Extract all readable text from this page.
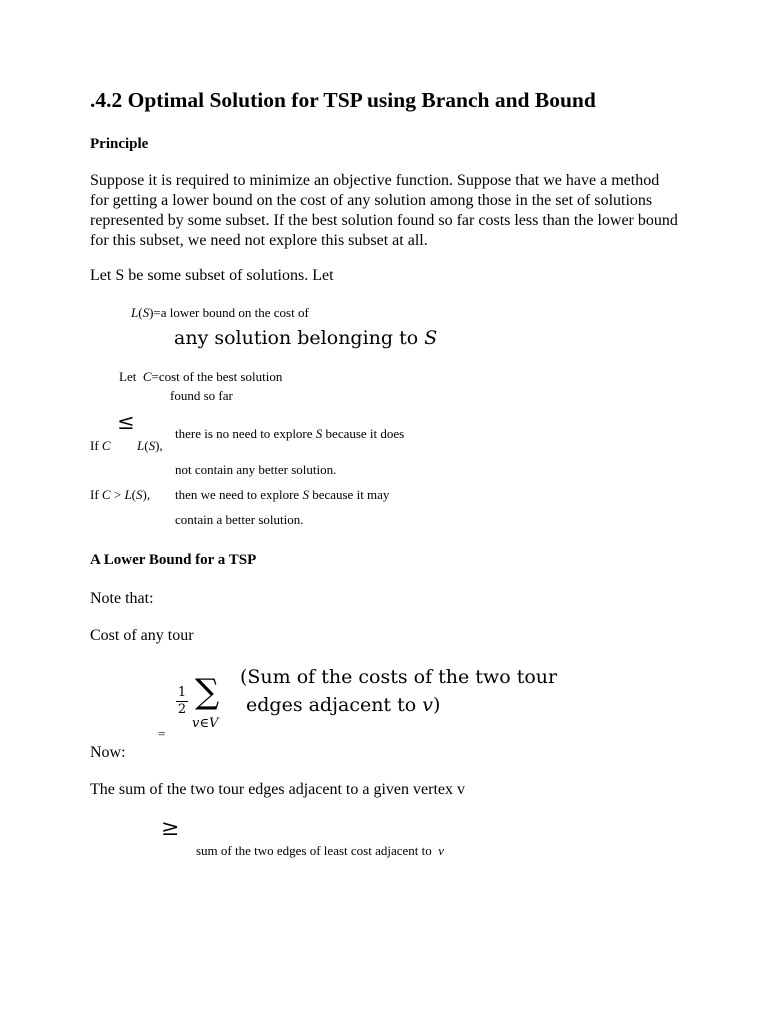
.4.2 Optimal Solution for TSP using Branch and Bound
Principle
Suppose it is required to minimize an objective function. Suppose that we have a method for getting a lower bound on the cost of any solution among those in the set of solutions represented by some subset. If the best solution found so far costs less than the lower bound for this subset, we need not explore this subset at all.
Let S be some subset of solutions. Let
L(S)=a lower bound on the cost of
any solution belonging to S
Let C=cost of the best solution
found so far
≤
If C L(S),
there is no need to explore S because it does
not contain any better solution.
If C > L(S), then we need to explore S because it may
contain a better solution.
A Lower Bound for a TSP
Note that:
Cost of any tour
1
2 ∑
v∈V
(Sum of the costs of the two tour
edges adjacent to v)
=
Now:
The sum of the two tour edges adjacent to a given vertex v
≥
sum of the two edges of least cost adjacent to v
